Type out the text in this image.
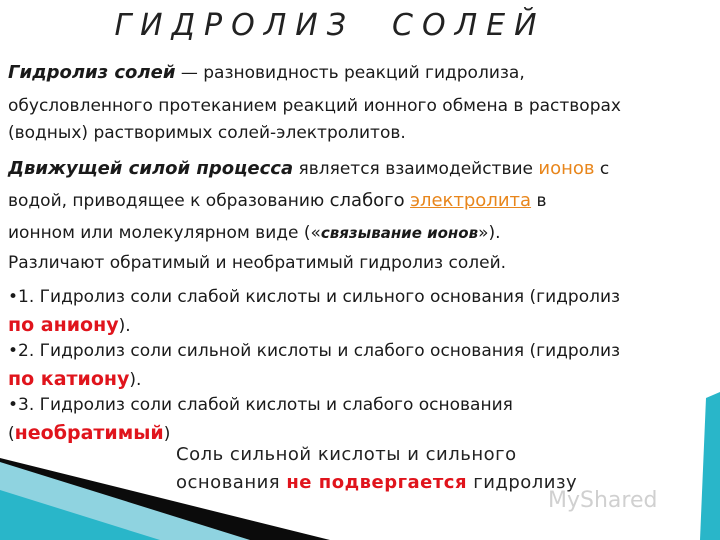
ГИДРОЛИЗ  СОЛЕЙ
Гидролиз солей — разновидность реакций гидролиза,
обусловленного протеканием реакций ионного обмена в растворах
(водных) растворимых солей-электролитов.
Движущей силой процесса является взаимодействие ионов с
водой, приводящее к образованию слабого электролита в
ионном или молекулярном виде («связывание ионов»).
Различают обратимый и необратимый гидролиз солей.
•1. Гидролиз соли слабой кислоты и сильного основания (гидролиз
по аниону).
•2. Гидролиз соли сильной кислоты и слабого основания (гидролиз
по катиону).
•3. Гидролиз соли слабой кислоты и слабого основания
(необратимый)
Соль сильной кислоты и сильного
основания не подвергается гидролизу
MyShared
